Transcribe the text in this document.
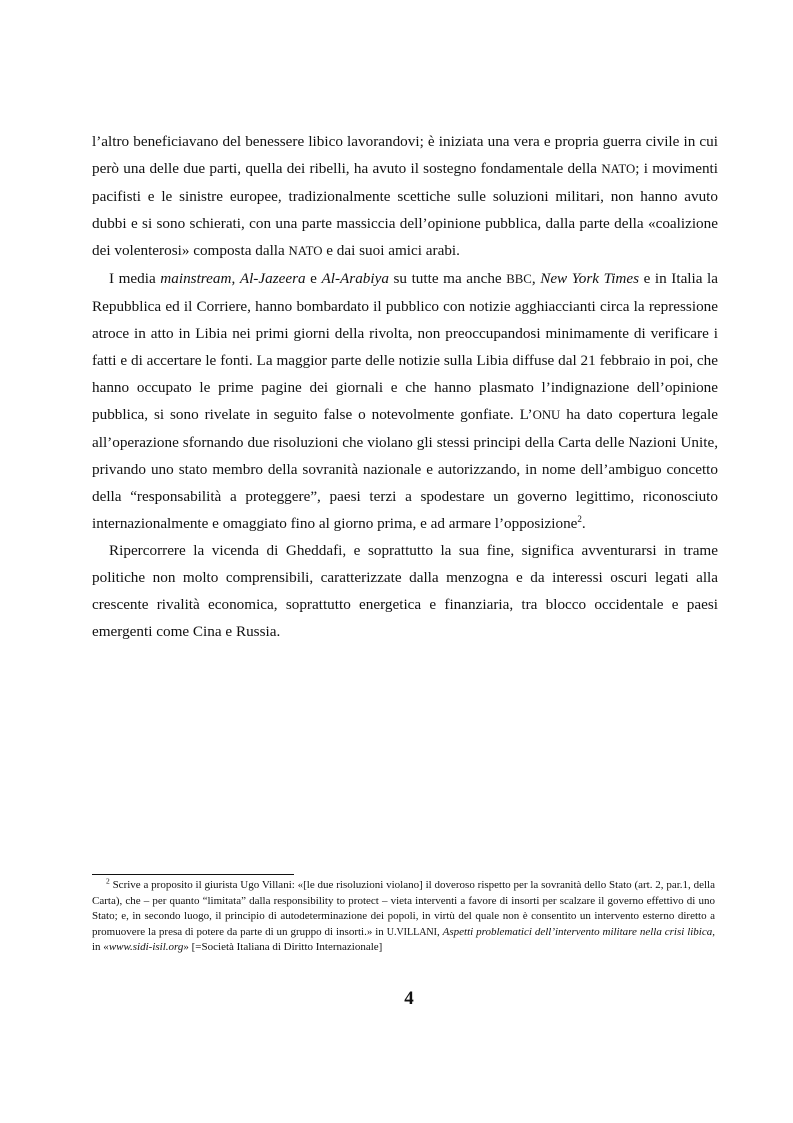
l’altro beneficiavano del benessere libico lavorandovi; è iniziata una vera e propria guerra civile in cui però una delle due parti, quella dei ribelli, ha avuto il sostegno fondamentale della NATO; i movimenti pacifisti e le sinistre europee, tradizionalmente scettiche sulle soluzioni militari, non hanno avuto dubbi e si sono schierati, con una parte massiccia dell’opinione pubblica, dalla parte della «coalizione dei volenterosi» composta dalla NATO e dai suoi amici arabi.

I media mainstream, Al-Jazeera e Al-Arabiya su tutte ma anche BBC, New York Times e in Italia la Repubblica ed il Corriere, hanno bombardato il pubblico con notizie agghiaccianti circa la repressione atroce in atto in Libia nei primi giorni della rivolta, non preoccupandosi minimamente di verificare i fatti e di accertare le fonti. La maggior parte delle notizie sulla Libia diffuse dal 21 febbraio in poi, che hanno occupato le prime pagine dei giornali e che hanno plasmato l’indignazione dell’opinione pubblica, si sono rivelate in seguito false o notevolmente gonfiate. L’ONU ha dato copertura legale all’operazione sfornando due risoluzioni che violano gli stessi principi della Carta delle Nazioni Unite, privando uno stato membro della sovranità nazionale e autorizzando, in nome dell’ambiguo concetto della “responsabilità a proteggere”, paesi terzi a spodestare un governo legittimo, riconosciuto internazionalmente e omaggiato fino al giorno prima, e ad armare l’opposizione$^2$.

Ripercorrere la vicenda di Gheddafi, e soprattutto la sua fine, significa avventurarsi in trame politiche non molto comprensibili, caratterizzate dalla menzogna e da interessi oscuri legati alla crescente rivalità economica, soprattutto energetica e finanziaria, tra blocco occidentale e paesi emergenti come Cina e Russia.

$^2$ Scrive a proposito il giurista Ugo Villani: «[le due risoluzioni violano] il doveroso rispetto per la sovranità dello Stato (art. 2, par.1, della Carta), che – per quanto “limitata” dalla responsibility to protect – vieta interventi a favore di insorti per scalzare il governo effettivo di uno Stato; e, in secondo luogo, il principio di autodeterminazione dei popoli, in virtù del quale non è consentito un intervento esterno diretto a promuovere la presa di potere da parte di un gruppo di insorti.» in U.VILLANI, Aspetti problematici dell’intervento militare nella crisi libica, in «www.sidi-isil.org» [=Società Italiana di Diritto Internazionale]

4
